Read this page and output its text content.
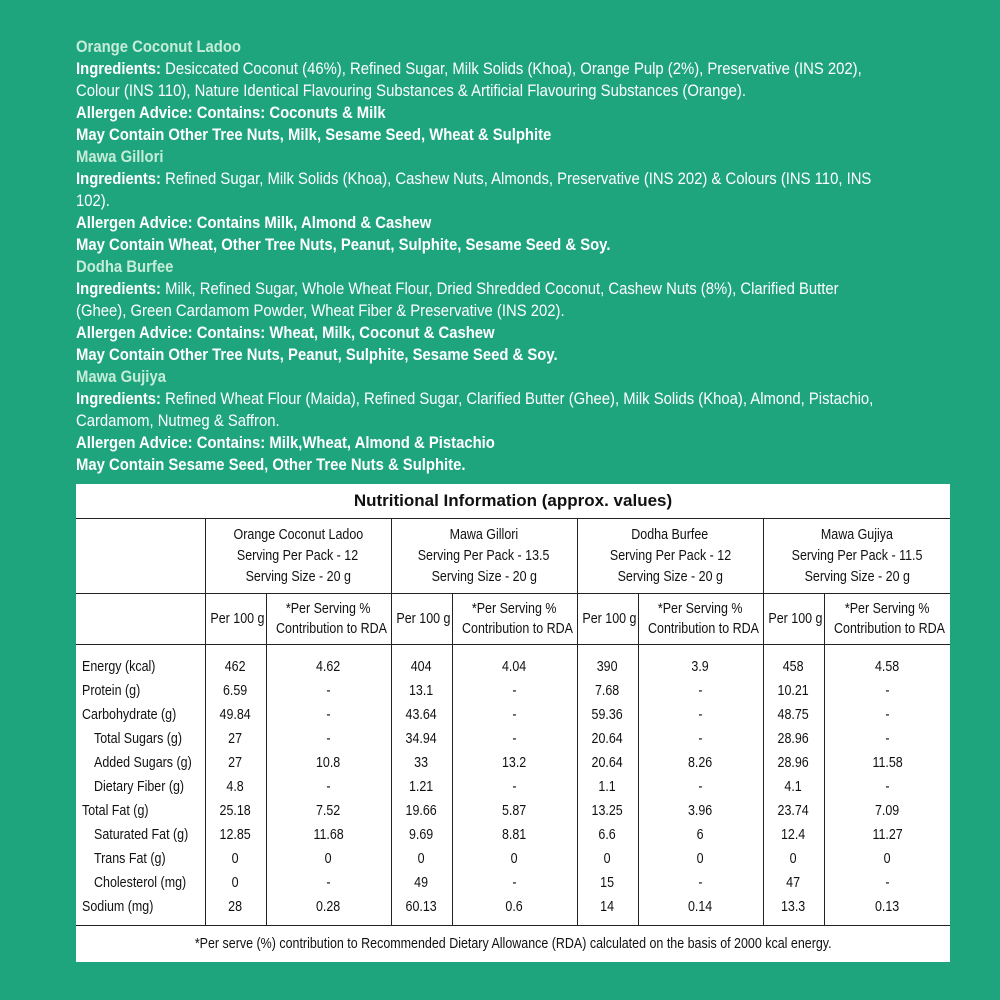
Orange Coconut Ladoo

Ingredients: Desiccated Coconut (46%), Refined Sugar, Milk Solids (Khoa), Orange Pulp (2%), Preservative (INS 202), Colour (INS 110), Nature Identical Flavouring Substances & Artificial Flavouring Substances (Orange).

Allergen Advice: Contains: Coconuts & Milk

May Contain Other Tree Nuts, Milk, Sesame Seed, Wheat & Sulphite

Mawa Gillori

Ingredients: Refined Sugar, Milk Solids (Khoa), Cashew Nuts, Almonds, Preservative (INS 202) & Colours (INS 110, INS 102).

Allergen Advice: Contains Milk, Almond & Cashew

May Contain Wheat, Other Tree Nuts, Peanut, Sulphite, Sesame Seed & Soy.

Dodha Burfee

Ingredients: Milk, Refined Sugar, Whole Wheat Flour, Dried Shredded Coconut, Cashew Nuts (8%), Clarified Butter (Ghee), Green Cardamom Powder, Wheat Fiber & Preservative (INS 202).

Allergen Advice: Contains: Wheat, Milk, Coconut & Cashew

May Contain Other Tree Nuts, Peanut, Sulphite, Sesame Seed & Soy.

Mawa Gujiya

Ingredients: Refined Wheat Flour (Maida), Refined Sugar, Clarified Butter (Ghee), Milk Solids (Khoa), Almond, Pistachio, Cardamom, Nutmeg & Saffron.

Allergen Advice: Contains: Milk,Wheat, Almond & Pistachio

May Contain Sesame Seed, Other Tree Nuts & Sulphite.

Nutritional Information (approx. values)
	Orange Coconut Ladoo
Serving Per Pack - 12
Serving Size - 20 g		Mawa Gillori
Serving Per Pack - 13.5
Serving Size - 20 g		Dodha Burfee
Serving Per Pack - 12
Serving Size - 20 g		Mawa Gujiya
Serving Per Pack - 11.5
Serving Size - 20 g	
	Per 100 g	*Per Serving %
Contribution to RDA	Per 100 g	*Per Serving %
Contribution to RDA	Per 100 g	*Per Serving %
Contribution to RDA	Per 100 g	*Per Serving %
Contribution to RDA
Energy (kcal)	462	4.62	404	4.04	390	3.9	458	4.58
Protein (g)	6.59	-	13.1	-	7.68	-	10.21	-
Carbohydrate (g)	49.84	-	43.64	-	59.36	-	48.75	-
Total Sugars (g)	27	-	34.94	-	20.64	-	28.96	-
Added Sugars (g)	27	10.8	33	13.2	20.64	8.26	28.96	11.58
Dietary Fiber (g)	4.8	-	1.21	-	1.1	-	4.1	-
Total Fat (g)	25.18	7.52	19.66	5.87	13.25	3.96	23.74	7.09
Saturated Fat (g)	12.85	11.68	9.69	8.81	6.6	6	12.4	11.27
Trans Fat (g)	0	0	0	0	0	0	0	0
Cholesterol (mg)	0	-	49	-	15	-	47	-
Sodium (mg)	28	0.28	60.13	0.6	14	0.14	13.3	0.13
*Per serve (%) contribution to Recommended Dietary Allowance (RDA) calculated on the basis of 2000 kcal energy.
